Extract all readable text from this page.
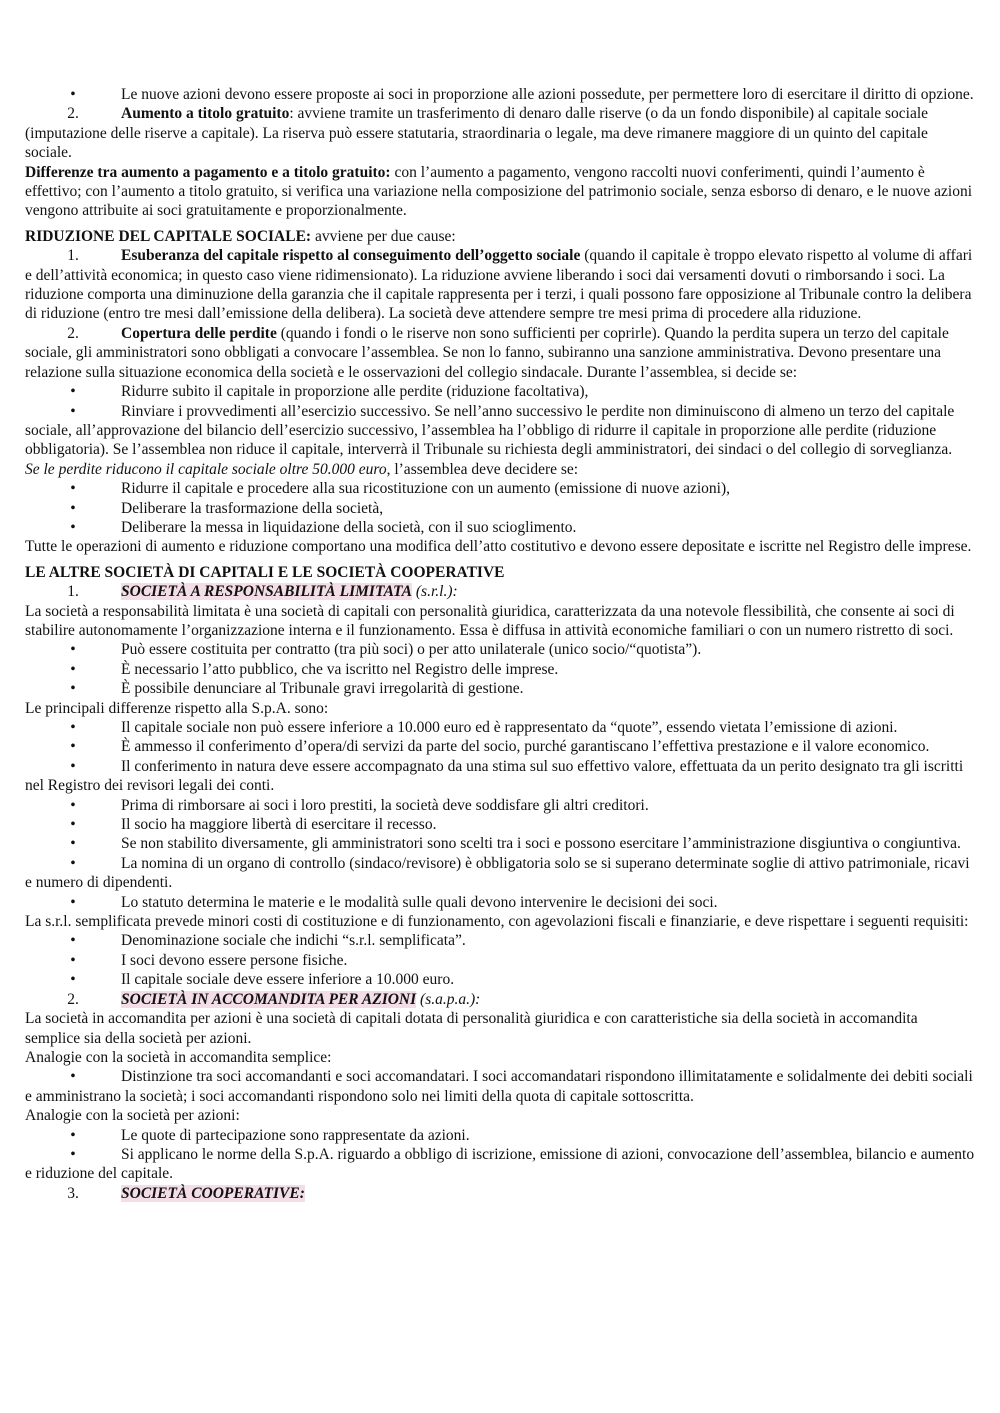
•	Le nuove azioni devono essere proposte ai soci in proporzione alle azioni possedute, per permettere loro di esercitare il diritto di opzione.
2.	Aumento a titolo gratuito: avviene tramite un trasferimento di denaro dalle riserve (o da un fondo disponibile) al capitale sociale (imputazione delle riserve a capitale). La riserva può essere statutaria, straordinaria o legale, ma deve rimanere maggiore di un quinto del capitale sociale.
Differenze tra aumento a pagamento e a titolo gratuito: con l’aumento a pagamento, vengono raccolti nuovi conferimenti, quindi l’aumento è effettivo; con l’aumento a titolo gratuito, si verifica una variazione nella composizione del patrimonio sociale, senza esborso di denaro, e le nuove azioni vengono attribuite ai soci gratuitamente e proporzionalmente.
RIDUZIONE DEL CAPITALE SOCIALE: avviene per due cause:
1.	Esuberanza del capitale rispetto al conseguimento dell’oggetto sociale (quando il capitale è troppo elevato rispetto al volume di affari e dell’attività economica; in questo caso viene ridimensionato). La riduzione avviene liberando i soci dai versamenti dovuti o rimborsando i soci. La riduzione comporta una diminuzione della garanzia che il capitale rappresenta per i terzi, i quali possono fare opposizione al Tribunale contro la delibera di riduzione (entro tre mesi dall’emissione della delibera). La società deve attendere sempre tre mesi prima di procedere alla riduzione.
2.	Copertura delle perdite (quando i fondi o le riserve non sono sufficienti per coprirle). Quando la perdita supera un terzo del capitale sociale, gli amministratori sono obbligati a convocare l’assemblea. Se non lo fanno, subiranno una sanzione amministrativa. Devono presentare una relazione sulla situazione economica della società e le osservazioni del collegio sindacale. Durante l’assemblea, si decide se:
•	Ridurre subito il capitale in proporzione alle perdite (riduzione facoltativa),
•	Rinviare i provvedimenti all’esercizio successivo. Se nell’anno successivo le perdite non diminuiscono di almeno un terzo del capitale sociale, all’approvazione del bilancio dell’esercizio successivo, l’assemblea ha l’obbligo di ridurre il capitale in proporzione alle perdite (riduzione obbligatoria). Se l’assemblea non riduce il capitale, interverrà il Tribunale su richiesta degli amministratori, dei sindaci o del collegio di sorveglianza.
Se le perdite riducono il capitale sociale oltre 50.000 euro, l’assemblea deve decidere se:
•	Ridurre il capitale e procedere alla sua ricostituzione con un aumento (emissione di nuove azioni),
•	Deliberare la trasformazione della società,
•	Deliberare la messa in liquidazione della società, con il suo scioglimento.
Tutte le operazioni di aumento e riduzione comportano una modifica dell’atto costitutivo e devono essere depositate e iscritte nel Registro delle imprese.
LE ALTRE SOCIETÀ DI CAPITALI E LE SOCIETÀ COOPERATIVE
1.	SOCIETÀ A RESPONSABILITÀ LIMITATA (s.r.l.):
La società a responsabilità limitata è una società di capitali con personalità giuridica, caratterizzata da una notevole flessibilità, che consente ai soci di stabilire autonomamente l’organizzazione interna e il funzionamento. Essa è diffusa in attività economiche familiari o con un numero ristretto di soci.
•	Può essere costituita per contratto (tra più soci) o per atto unilaterale (unico socio/“quotista”).
•	È necessario l’atto pubblico, che va iscritto nel Registro delle imprese.
•	È possibile denunciare al Tribunale gravi irregolarità di gestione.
Le principali differenze rispetto alla S.p.A. sono:
•	Il capitale sociale non può essere inferiore a 10.000 euro ed è rappresentato da “quote”, essendo vietata l’emissione di azioni.
•	È ammesso il conferimento d’opera/di servizi da parte del socio, purché garantiscano l’effettiva prestazione e il valore economico.
•	Il conferimento in natura deve essere accompagnato da una stima sul suo effettivo valore, effettuata da un perito designato tra gli iscritti nel Registro dei revisori legali dei conti.
•	Prima di rimborsare ai soci i loro prestiti, la società deve soddisfare gli altri creditori.
•	Il socio ha maggiore libertà di esercitare il recesso.
•	Se non stabilito diversamente, gli amministratori sono scelti tra i soci e possono esercitare l’amministrazione disgiuntiva o congiuntiva.
•	La nomina di un organo di controllo (sindaco/revisore) è obbligatoria solo se si superano determinate soglie di attivo patrimoniale, ricavi e numero di dipendenti.
•	Lo statuto determina le materie e le modalità sulle quali devono intervenire le decisioni dei soci.
La s.r.l. semplificata prevede minori costi di costituzione e di funzionamento, con agevolazioni fiscali e finanziarie, e deve rispettare i seguenti requisiti:
•	Denominazione sociale che indichi “s.r.l. semplificata”.
•	I soci devono essere persone fisiche.
•	Il capitale sociale deve essere inferiore a 10.000 euro.
2.	SOCIETÀ IN ACCOMANDITA PER AZIONI (s.a.p.a.):
La società in accomandita per azioni è una società di capitali dotata di personalità giuridica e con caratteristiche sia della società in accomandita semplice sia della società per azioni.
Analogie con la società in accomandita semplice:
•	Distinzione tra soci accomandanti e soci accomandatari. I soci accomandatari rispondono illimitatamente e solidalmente dei debiti sociali e amministrano la società; i soci accomandanti rispondono solo nei limiti della quota di capitale sottoscritta.
Analogie con la società per azioni:
•	Le quote di partecipazione sono rappresentate da azioni.
•	Si applicano le norme della S.p.A. riguardo a obbligo di iscrizione, emissione di azioni, convocazione dell’assemblea, bilancio e aumento e riduzione del capitale.
3.	SOCIETÀ COOPERATIVE:
